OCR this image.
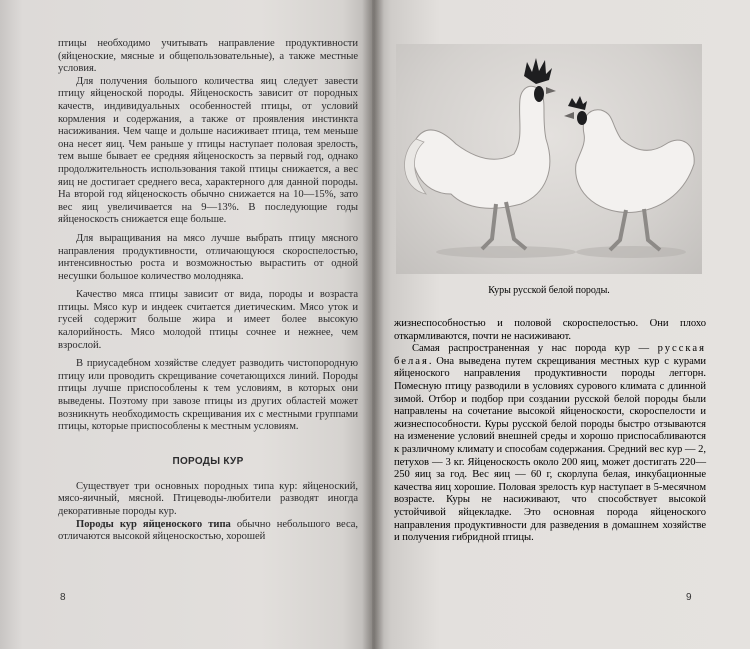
птицы необходимо учитывать направление продуктивности (яйценоские, мясные и общепользовательные), а также местные условия.

Для получения большого количества яиц следует завести птицу яйценоской породы. Яйценоскость зависит от породных качеств, индивидуальных особенностей птицы, от условий кормления и содержания, а также от проявления инстинкта насиживания. Чем чаще и дольше насиживает птица, тем меньше она несет яиц. Чем раньше у птицы наступает половая зрелость, тем выше бывает ее средняя яйценоскость за первый год, однако продолжительность использования такой птицы снижается, а вес яиц не достигает среднего веса, характерного для данной породы. На второй год яйценоскость обычно снижается на 10—15%, зато вес яиц увеличивается на 9—13%. В последующие годы яйценоскость снижается еще больше.

Для выращивания на мясо лучше выбрать птицу мясного направления продуктивности, отличающуюся скороспелостью, интенсивностью роста и возможностью вырастить от одной несушки большое количество молодняка.

Качество мяса птицы зависит от вида, породы и возраста птицы. Мясо кур и индеек считается диетическим. Мясо уток и гусей содержит больше жира и имеет более высокую калорийность. Мясо молодой птицы сочнее и нежнее, чем взрослой.

В приусадебном хозяйстве следует разводить чистопородную птицу или проводить скрещивание сочетающихся линий. Породы птицы лучше приспособлены к тем условиям, в которых они выведены. Поэтому при завозе птицы из других областей может возникнуть необходимость скрещивания их с местными группами птицы, которые приспособлены к местным условиям.

ПОРОДЫ КУР

Существует три основных породных типа кур: яйценоский, мясо-яичный, мясной. Птицеводы-любители разводят иногда декоративные породы кур.

Породы кур яйценоского типа обычно небольшого веса, отличаются высокой яйценоскостью, хорошей

Куры русской белой породы.

жизнеспособностью и половой скороспелостью. Они плохо откармливаются, почти не насиживают.

Самая распространенная у нас порода кур — русская белая. Она выведена путем скрещивания местных кур с курами яйценоского направления продуктивности породы леггорн. Помесную птицу разводили в условиях сурового климата с длинной зимой. Отбор и подбор при создании русской белой породы были направлены на сочетание высокой яйценоскости, скороспелости и жизнеспособности. Куры русской белой породы быстро отзываются на изменение условий внешней среды и хорошо приспосабливаются к различному климату и способам содержания. Средний вес кур — 2, петухов — 3 кг. Яйценоскость около 200 яиц, может достигать 220—250 яиц за год. Вес яиц — 60 г, скорлупа белая, инкубационные качества яиц хорошие. Половая зрелость кур наступает в 5-месячном возрасте. Куры не насиживают, что способствует высокой устойчивой яйцекладке. Это основная порода яйценоского направления продуктивности для разведения в домашнем хозяйстве и получения гибридной птицы.

8	9
